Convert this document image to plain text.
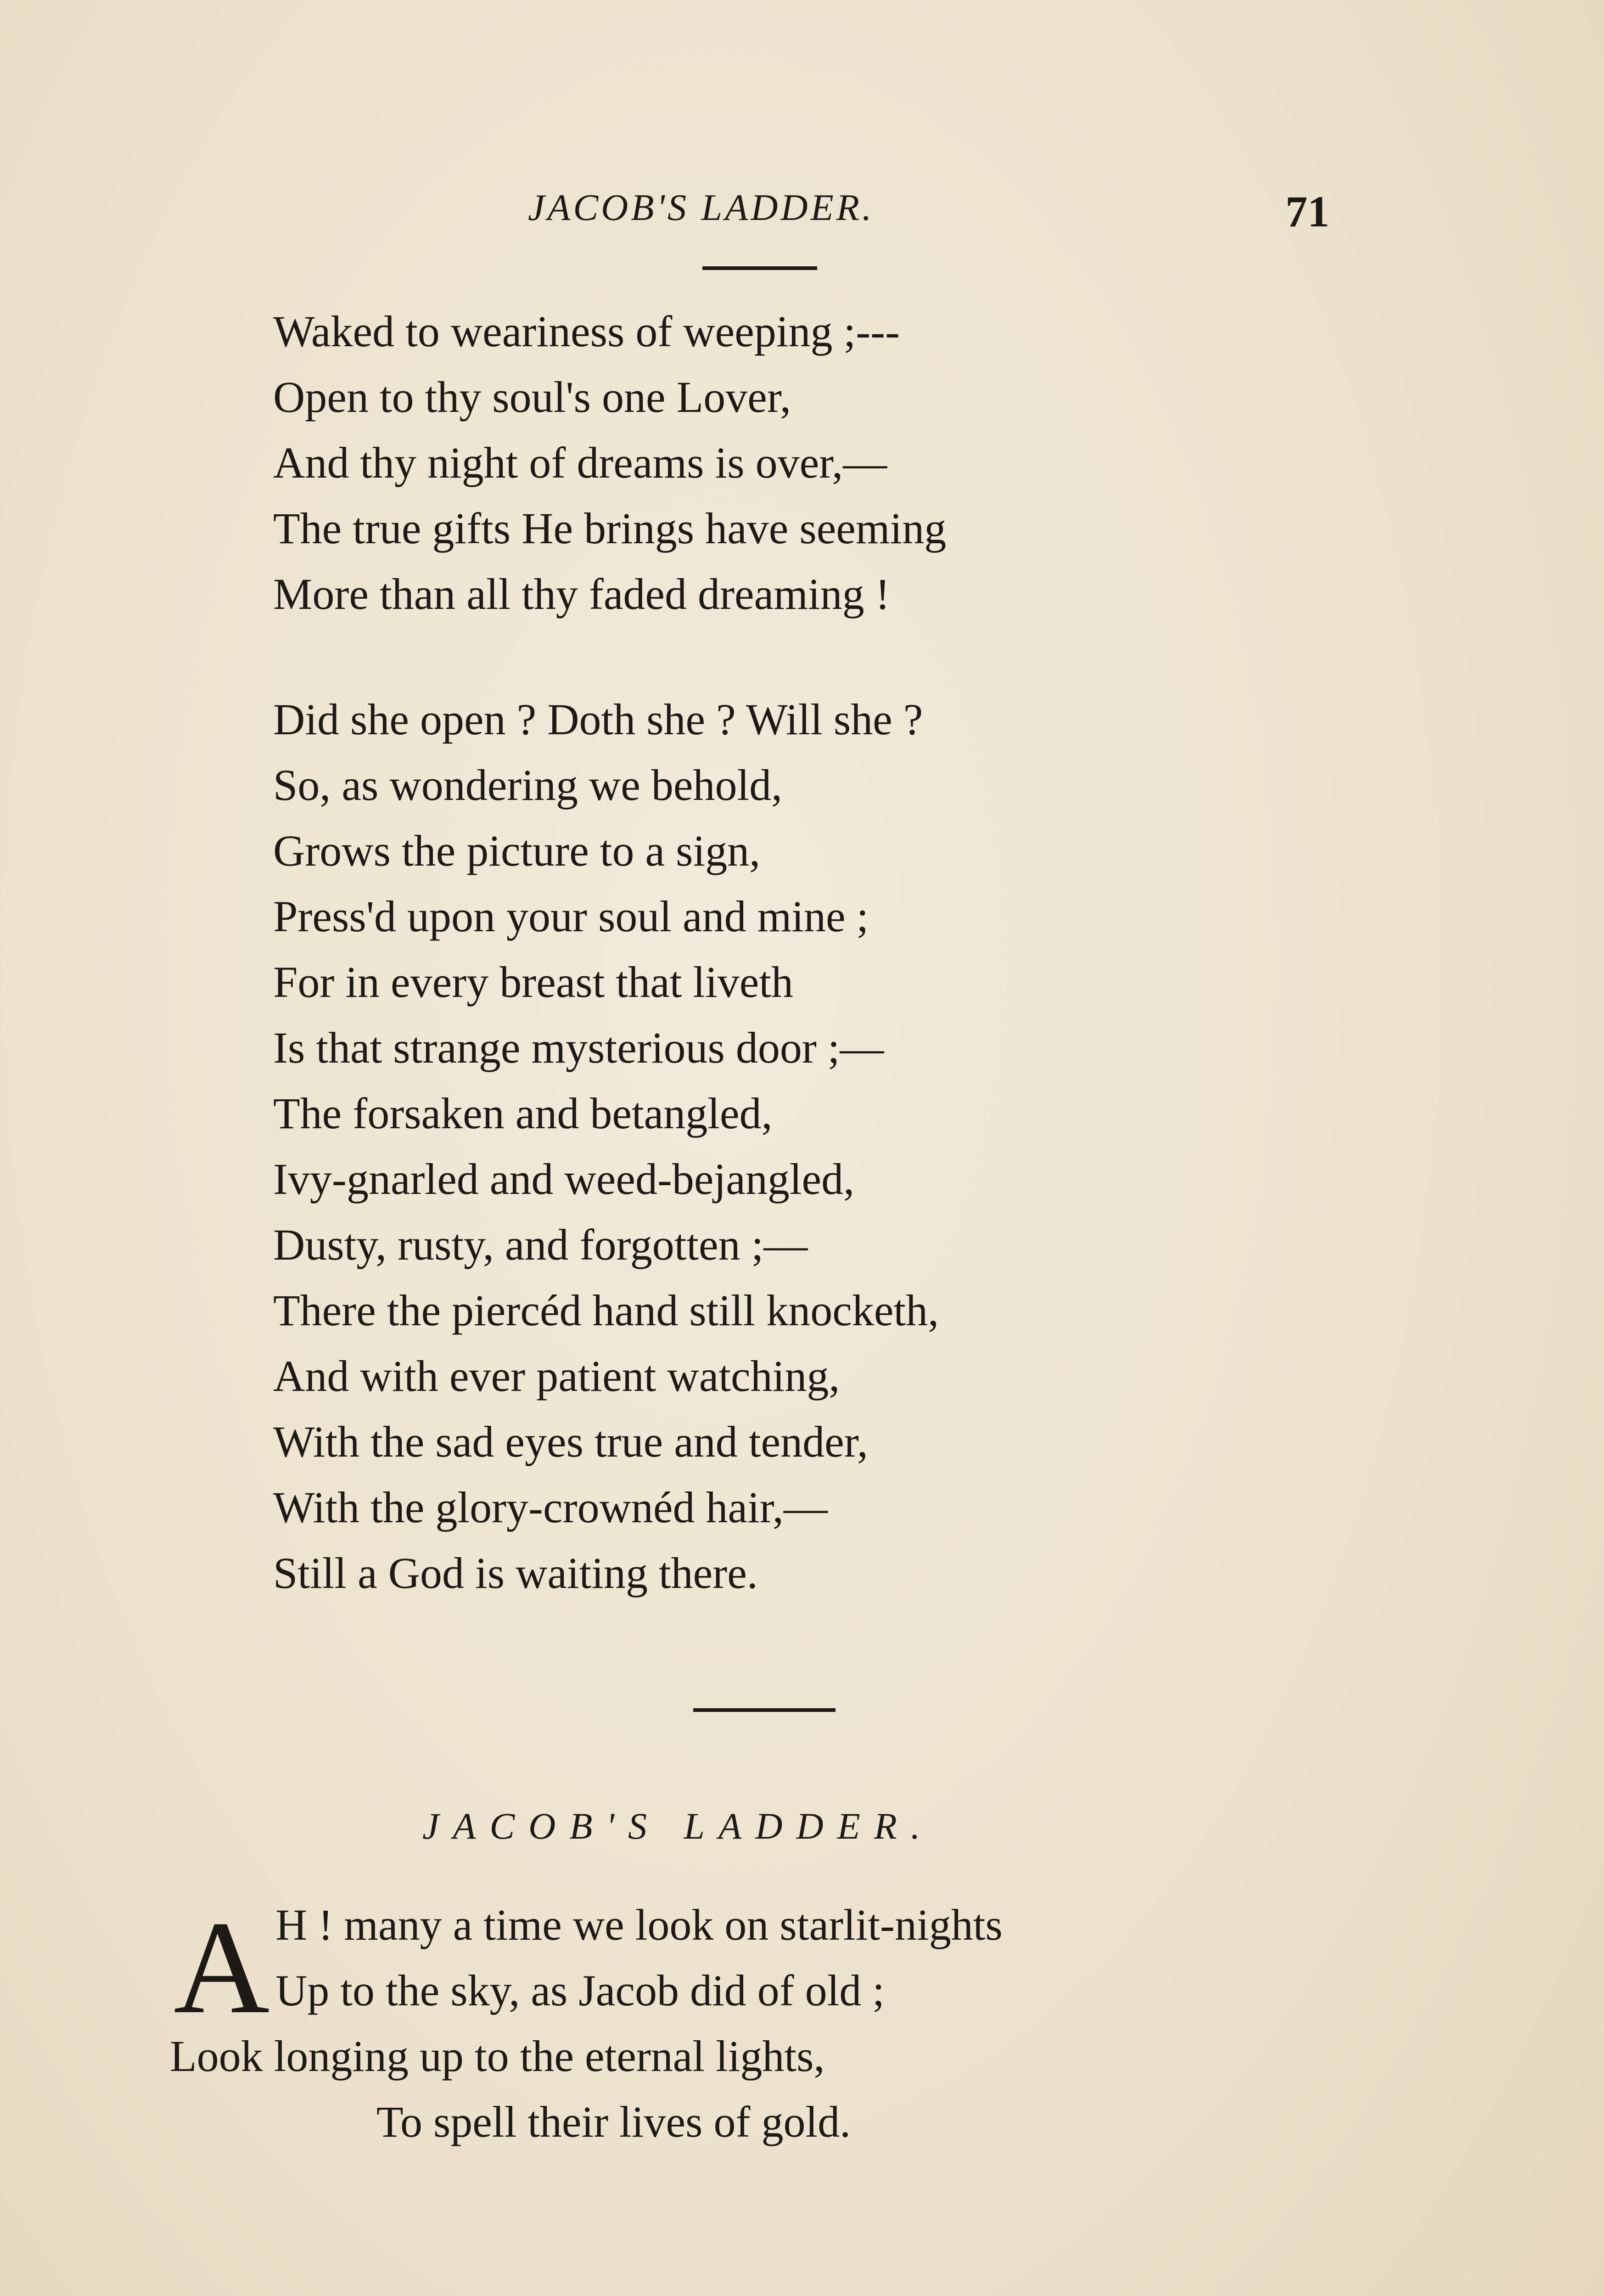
JACOB'S LADDER.	71
Waked to weariness of weeping ;---
Open to thy soul's one Lover,
And thy night of dreams is over,—
The true gifts He brings have seeming
More than all thy faded dreaming !
Did she open ? Doth she ? Will she ?
So, as wondering we behold,
Grows the picture to a sign,
Press'd upon your soul and mine ;
For in every breast that liveth
Is that strange mysterious door ;—
The forsaken and betangled,
Ivy-gnarled and weed-bejangled,
Dusty, rusty, and forgotten ;—
There the piercéd hand still knocketh,
And with ever patient watching,
With the sad eyes true and tender,
With the glory-crownéd hair,—
Still a God is waiting there.
JACOB'S LADDER.
A H ! many a time we look on starlit-nights
Up to the sky, as Jacob did of old ;
Look longing up to the eternal lights,
To spell their lives of gold.
